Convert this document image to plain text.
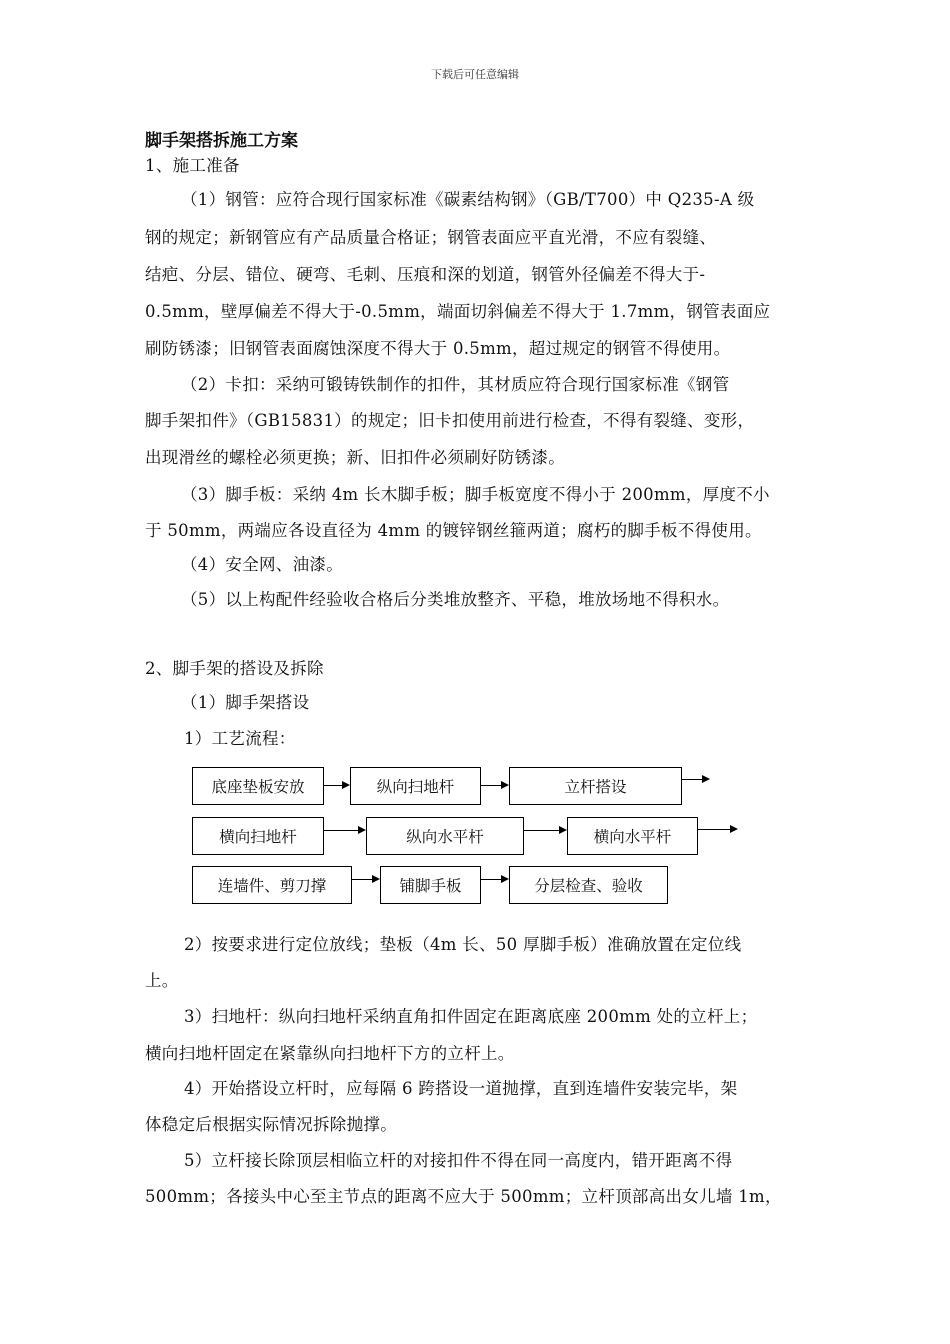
下载后可任意编辑
脚手架搭拆施工方案
1、施工准备
（1）钢管：应符合现行国家标准《碳素结构钢》（GB/T700）中 Q235-A 级
钢的规定；新钢管应有产品质量合格证；钢管表面应平直光滑，不应有裂缝、
结疤、分层、错位、硬弯、毛刺、压痕和深的划道，钢管外径偏差不得大于-
0.5mm，壁厚偏差不得大于-0.5mm，端面切斜偏差不得大于 1.7mm，钢管表面应
刷防锈漆；旧钢管表面腐蚀深度不得大于 0.5mm，超过规定的钢管不得使用。
（2）卡扣：采纳可锻铸铁制作的扣件，其材质应符合现行国家标准《钢管
脚手架扣件》（GB15831）的规定；旧卡扣使用前进行检查，不得有裂缝、变形，
出现滑丝的螺栓必须更换；新、旧扣件必须刷好防锈漆。
（3）脚手板：采纳 4m 长木脚手板；脚手板宽度不得小于 200mm，厚度不小
于 50mm，两端应各设直径为 4mm 的镀锌钢丝箍两道；腐朽的脚手板不得使用。
（4）安全网、油漆。
（5）以上构配件经验收合格后分类堆放整齐、平稳，堆放场地不得积水。
2、脚手架的搭设及拆除
（1）脚手架搭设
1）工艺流程：
底座垫板安放	纵向扫地杆	立杆搭设
横向扫地杆	纵向水平杆	横向水平杆
连墙件、剪刀撑	铺脚手板	分层检查、验收
2）按要求进行定位放线；垫板（4m 长、50 厚脚手板）准确放置在定位线
上。
3）扫地杆：纵向扫地杆采纳直角扣件固定在距离底座 200mm 处的立杆上；
横向扫地杆固定在紧靠纵向扫地杆下方的立杆上。
4）开始搭设立杆时，应每隔 6 跨搭设一道抛撑，直到连墙件安装完毕，架
体稳定后根据实际情况拆除抛撑。
5）立杆接长除顶层相临立杆的对接扣件不得在同一高度内，错开距离不得
500mm；各接头中心至主节点的距离不应大于 500mm；立杆顶部高出女儿墙 1m，
